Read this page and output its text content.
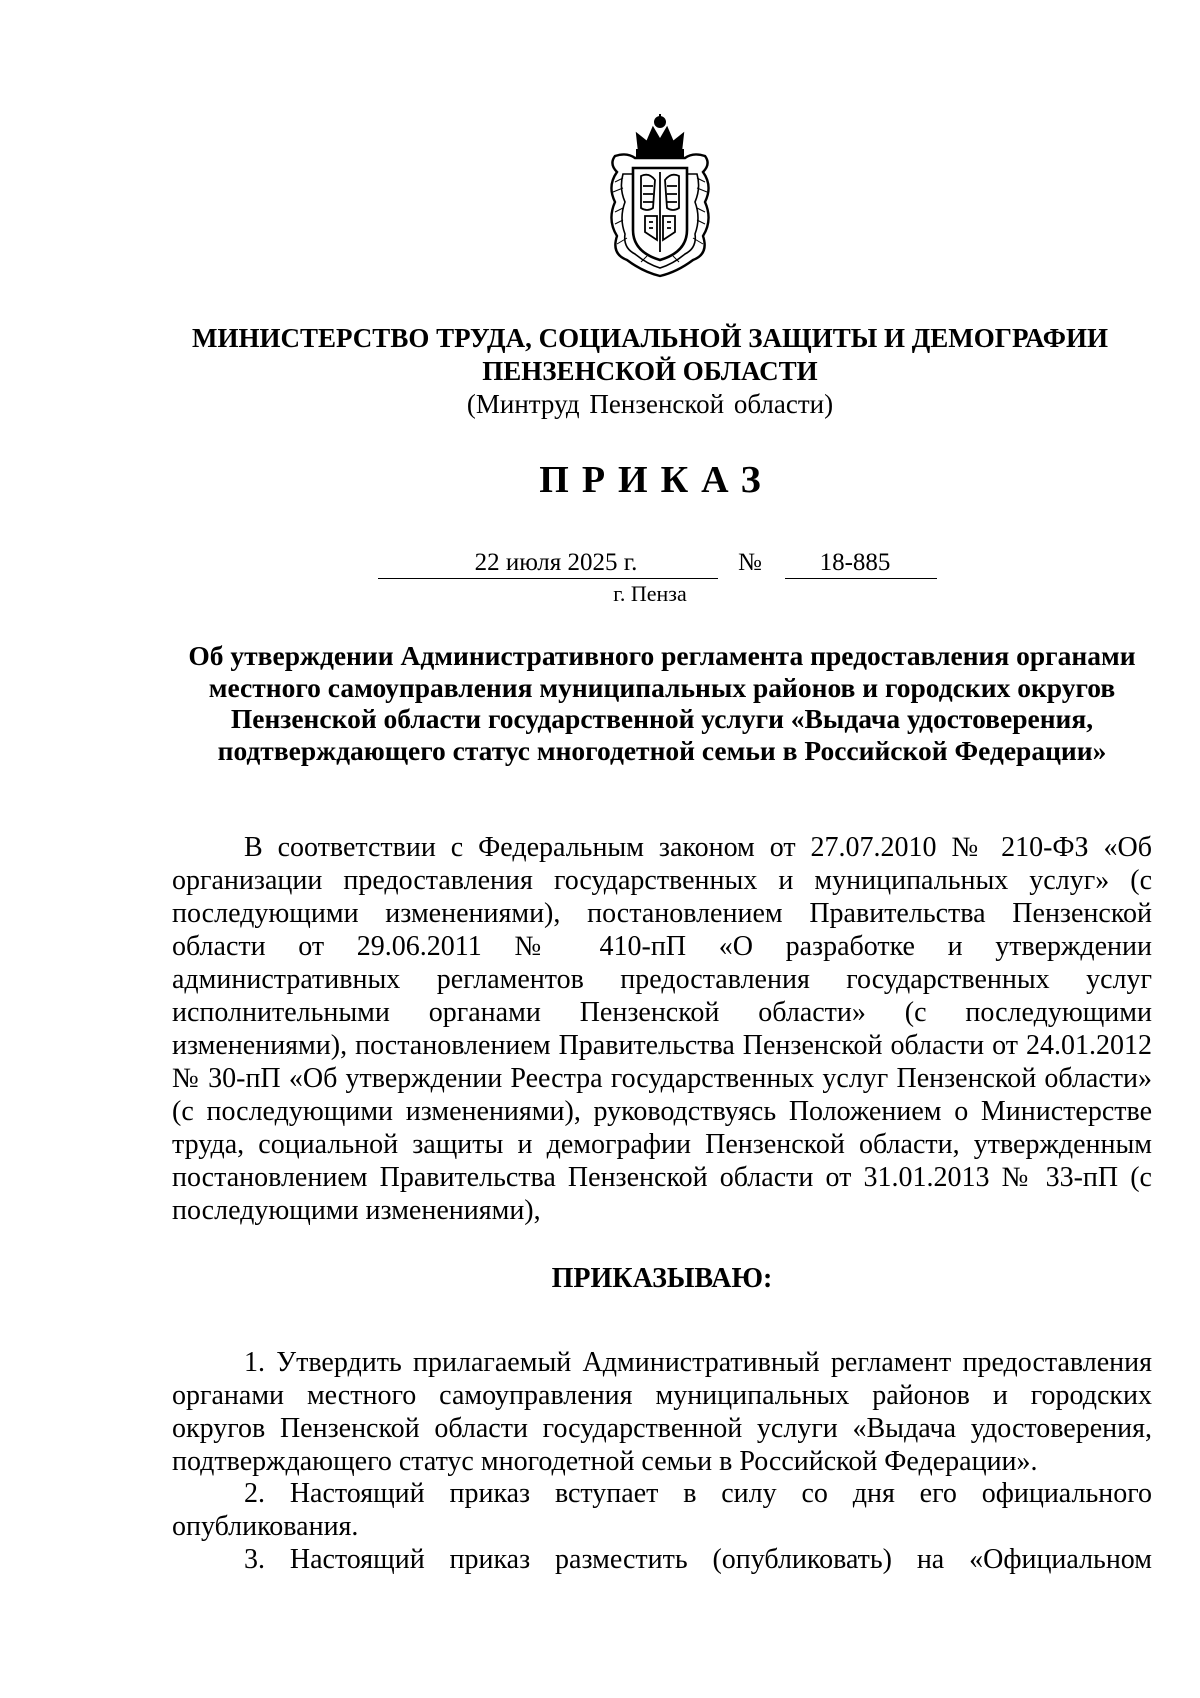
МИНИСТЕРСТВО ТРУДА, СОЦИАЛЬНОЙ ЗАЩИТЫ И ДЕМОГРАФИИ ПЕНЗЕНСКОЙ ОБЛАСТИ
(Минтруд Пензенской области)
ПРИКАЗ
22 июля 2025 г.	№	18-885
г. Пенза
Об утверждении Административного регламента предоставления органами местного самоуправления муниципальных районов и городских округов Пензенской области государственной услуги «Выдача удостоверения, подтверждающего статус многодетной семьи в Российской Федерации»
В соответствии с Федеральным законом от 27.07.2010 № 210-ФЗ «Об организации предоставления государственных и муниципальных услуг» (с последующими изменениями), постановлением Правительства Пензенской области от 29.06.2011 № 410-пП «О разработке и утверждении административных регламентов предоставления государственных услуг исполнительными органами Пензенской области» (с последующими изменениями), постановлением Правительства Пензенской области от 24.01.2012 № 30-пП «Об утверждении Реестра государственных услуг Пензенской области» (с последующими изменениями), руководствуясь Положением о Министерстве труда, социальной защиты и демографии Пензенской области, утвержденным постановлением Правительства Пензенской области от 31.01.2013 № 33-пП (с последующими изменениями),
ПРИКАЗЫВАЮ:
1. Утвердить прилагаемый Административный регламент предоставления органами местного самоуправления муниципальных районов и городских округов Пензенской области государственной услуги «Выдача удостоверения, подтверждающего статус многодетной семьи в Российской Федерации».
2. Настоящий приказ вступает в силу со дня его официального опубликования.
3. Настоящий приказ разместить (опубликовать) на «Официальном
